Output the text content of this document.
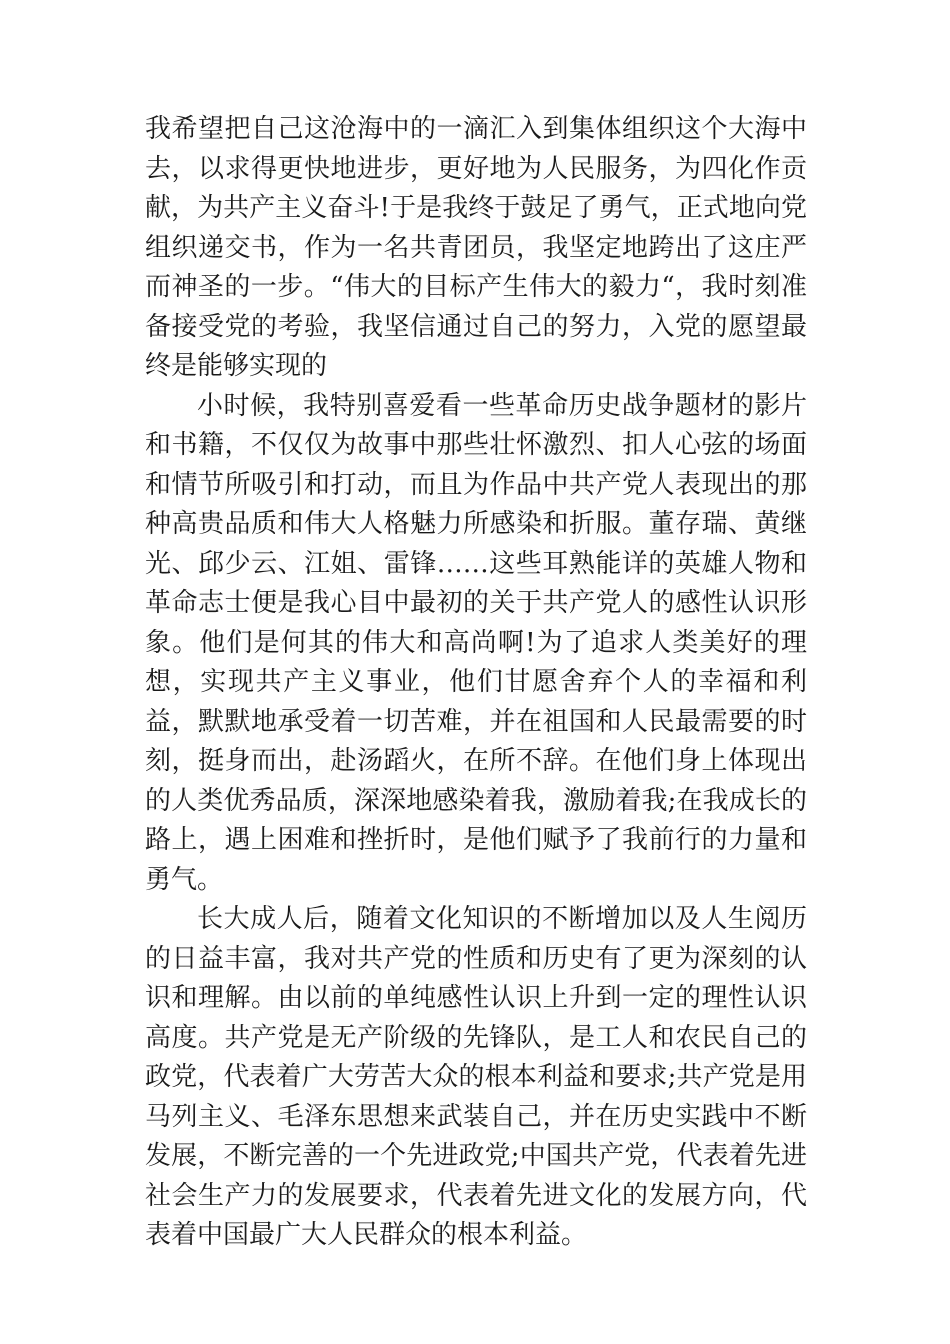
我希望把自己这沧海中的一滴汇入到集体组织这个大海中去，以求得更快地进步，更好地为人民服务，为四化作贡献，为共产主义奋斗!于是我终于鼓足了勇气，正式地向党组织递交书，作为一名共青团员，我坚定地跨出了这庄严而神圣的一步。“伟大的目标产生伟大的毅力“，我时刻准备接受党的考验，我坚信通过自己的努力，入党的愿望最终是能够实现的

小时候，我特别喜爱看一些革命历史战争题材的影片和书籍，不仅仅为故事中那些壮怀激烈、扣人心弦的场面和情节所吸引和打动，而且为作品中共产党人表现出的那种高贵品质和伟大人格魅力所感染和折服。董存瑞、黄继光、邱少云、江姐、雷锋……这些耳熟能详的英雄人物和革命志士便是我心目中最初的关于共产党人的感性认识形象。他们是何其的伟大和高尚啊!为了追求人类美好的理想，实现共产主义事业，他们甘愿舍弃个人的幸福和利益，默默地承受着一切苦难，并在祖国和人民最需要的时刻，挺身而出，赴汤蹈火，在所不辞。在他们身上体现出的人类优秀品质，深深地感染着我，激励着我;在我成长的路上，遇上困难和挫折时，是他们赋予了我前行的力量和勇气。

长大成人后，随着文化知识的不断增加以及人生阅历的日益丰富，我对共产党的性质和历史有了更为深刻的认识和理解。由以前的单纯感性认识上升到一定的理性认识高度。共产党是无产阶级的先锋队，是工人和农民自己的政党，代表着广大劳苦大众的根本利益和要求;共产党是用马列主义、毛泽东思想来武装自己，并在历史实践中不断发展，不断完善的一个先进政党;中国共产党，代表着先进社会生产力的发展要求，代表着先进文化的发展方向，代表着中国最广大人民群众的根本利益。
